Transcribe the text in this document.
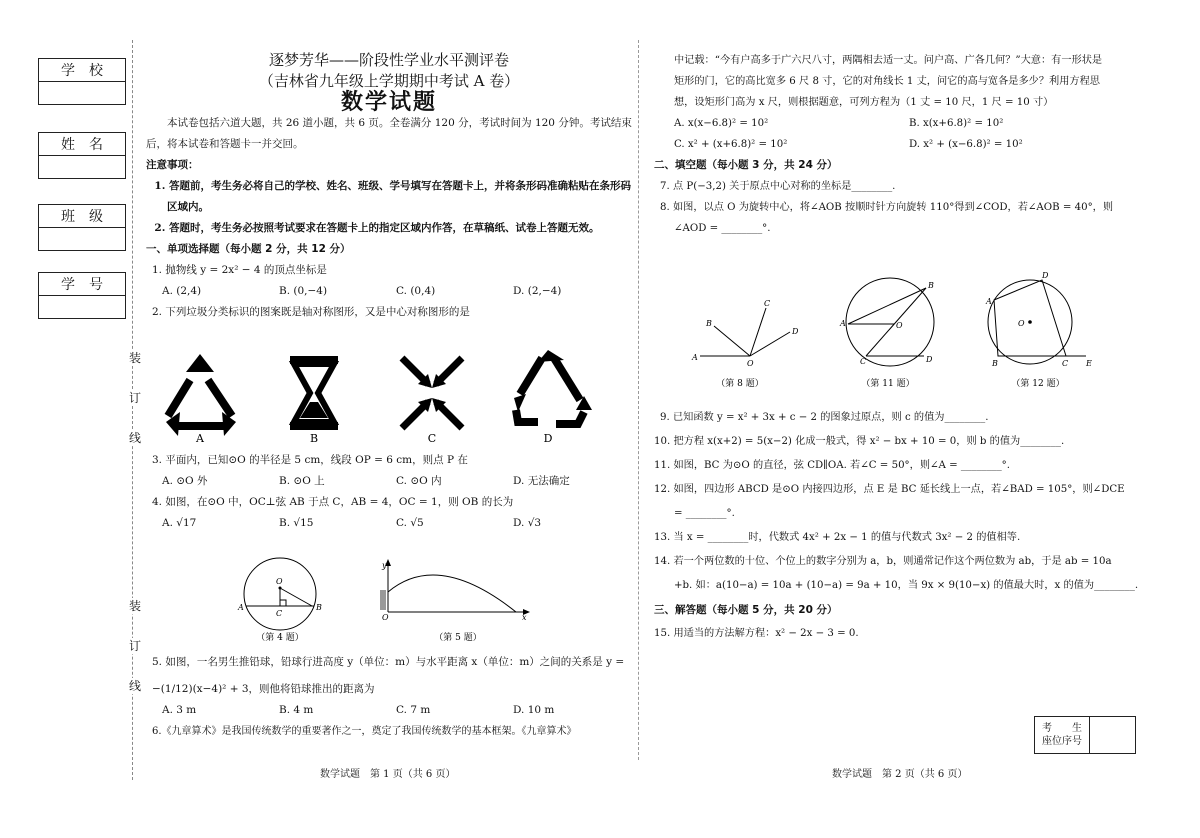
学　校
姓　名
班　级
学　号
装
订
线
装
订
线
逐梦芳华——阶段性学业水平测评卷
（吉林省九年级上学期期中考试 A 卷）
数学试题
本试卷包括六道大题，共 26 道小题，共 6 页。全卷满分 120 分，考试时间为 120 分钟。考试结束后，将本试卷和答题卡一并交回。
注意事项：
1. 答题前，考生务必将自己的学校、姓名、班级、学号填写在答题卡上，并将条形码准确粘贴在条形码区域内。
2. 答题时，考生务必按照考试要求在答题卡上的指定区域内作答，在草稿纸、试卷上答题无效。
一、单项选择题（每小题 2 分，共 12 分）
1. 抛物线 y = 2x² − 4 的顶点坐标是
A. (2,4)	B. (0,−4)	C. (0,4)	D. (2,−4)
2. 下列垃圾分类标识的图案既是轴对称图形，又是中心对称图形的是
A	B	C	D
3. 平面内，已知⊙O 的半径是 5 cm，线段 OP = 6 cm，则点 P 在
A. ⊙O 外	B. ⊙O 上	C. ⊙O 内	D. 无法确定
4. 如图，在⊙O 中，OC⊥弦 AB 于点 C，AB = 4，OC = 1，则 OB 的长为
A. √17	B. √15	C. √5	D. √3
O
A
C
B
（第 4 题）
y
O	x
（第 5 题）
5. 如图，一名男生推铅球，铅球行进高度 y（单位：m）与水平距离 x（单位：m）之间的关系是 y =
−(1/12)(x−4)² + 3，则他将铅球推出的距离为
A. 3 m	B. 4 m	C. 7 m	D. 10 m
6.《九章算术》是我国传统数学的重要著作之一，奠定了我国传统数学的基本框架。《九章算术》
数学试题　第 1 页（共 6 页）
中记载：“今有户高多于广六尺八寸，两隅相去适一丈。问户高、广各几何？”大意：有一形状是
矩形的门，它的高比宽多 6 尺 8 寸，它的对角线长 1 丈，问它的高与宽各是多少？利用方程思
想，设矩形门高为 x 尺，则根据题意，可列方程为（1 丈 = 10 尺，1 尺 = 10 寸）
A. x(x−6.8)² = 10²	B. x(x+6.8)² = 10²
C. x² + (x+6.8)² = 10²	D. x² + (x−6.8)² = 10²
二、填空题（每小题 3 分，共 24 分）
7. 点 P(−3,2) 关于原点中心对称的坐标是________.
8. 如图，以点 O 为旋转中心，将∠AOB 按顺时针方向旋转 110°得到∠COD，若∠AOB = 40°，则
∠AOD = ________°.
A
B
C
D
O
（第 8 题）
A
B
C	D
O
（第 11 题）
A
B	C
D
E
O
（第 12 题）
9. 已知函数 y = x² + 3x + c − 2 的图象过原点，则 c 的值为________.
10. 把方程 x(x+2) = 5(x−2) 化成一般式，得 x² − bx + 10 = 0，则 b 的值为________.
11. 如图，BC 为⊙O 的直径，弦 CD∥OA. 若∠C = 50°，则∠A = ________°.
12. 如图，四边形 ABCD 是⊙O 内接四边形，点 E 是 BC 延长线上一点，若∠BAD = 105°，则∠DCE
= ________°.
13. 当 x = ________时，代数式 4x² + 2x − 1 的值与代数式 3x² − 2 的值相等.
14. 若一个两位数的十位、个位上的数字分别为 a，b，则通常记作这个两位数为 ab，于是 ab = 10a
+b. 如：a(10−a) = 10a + (10−a) = 9a + 10，当 9x × 9(10−x) 的值最大时，x 的值为________.
三、解答题（每小题 5 分，共 20 分）
15. 用适当的方法解方程：x² − 2x − 3 = 0.
考　　生
座位序号
数学试题　第 2 页（共 6 页）
